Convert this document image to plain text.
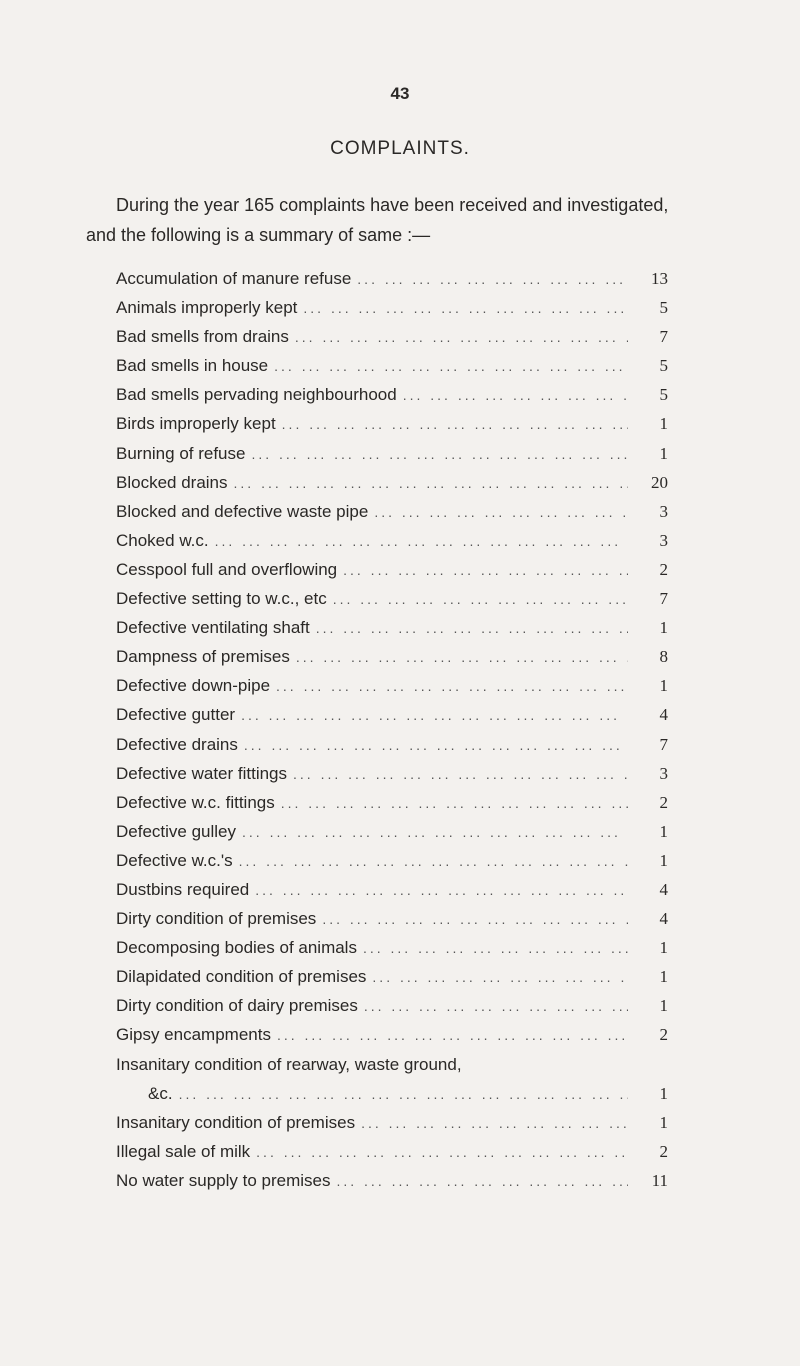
43
COMPLAINTS.
During the year 165 complaints have been received and investigated, and the following is a summary of same :—
Accumulation of manure refuse ... .	13
Animals improperly kept ... .	5
Bad smells from drains ... .	7
Bad smells in house ... .	5
Bad smells pervading neighbourhood ... .	5
Birds improperly kept ... .	1
Burning of refuse ... .	1
Blocked drains ... .	20
Blocked and defective waste pipe ... .	3
Choked w.c. ... .	3
Cesspool full and overflowing ... .	2
Defective setting to w.c., etc ... .	7
Defective ventilating shaft ... .	1
Dampness of premises ... .	8
Defective down-pipe ... .	1
Defective gutter ... .	4
Defective drains ... .	7
Defective water fittings ... .	3
Defective w.c. fittings ... .	2
Defective gulley ... .	1
Defective w.c.'s ... .	1
Dustbins required ... .	4
Dirty condition of premises ... .	4
Decomposing bodies of animals ... .	1
Dilapidated condition of premises ... .	1
Dirty condition of dairy premises ... .	1
Gipsy encampments ... .	2
Insanitary condition of rearway, waste ground,
&c. ... .	1
Insanitary condition of premises ... .	1
Illegal sale of milk ... .	2
No water supply to premises ... .	11
